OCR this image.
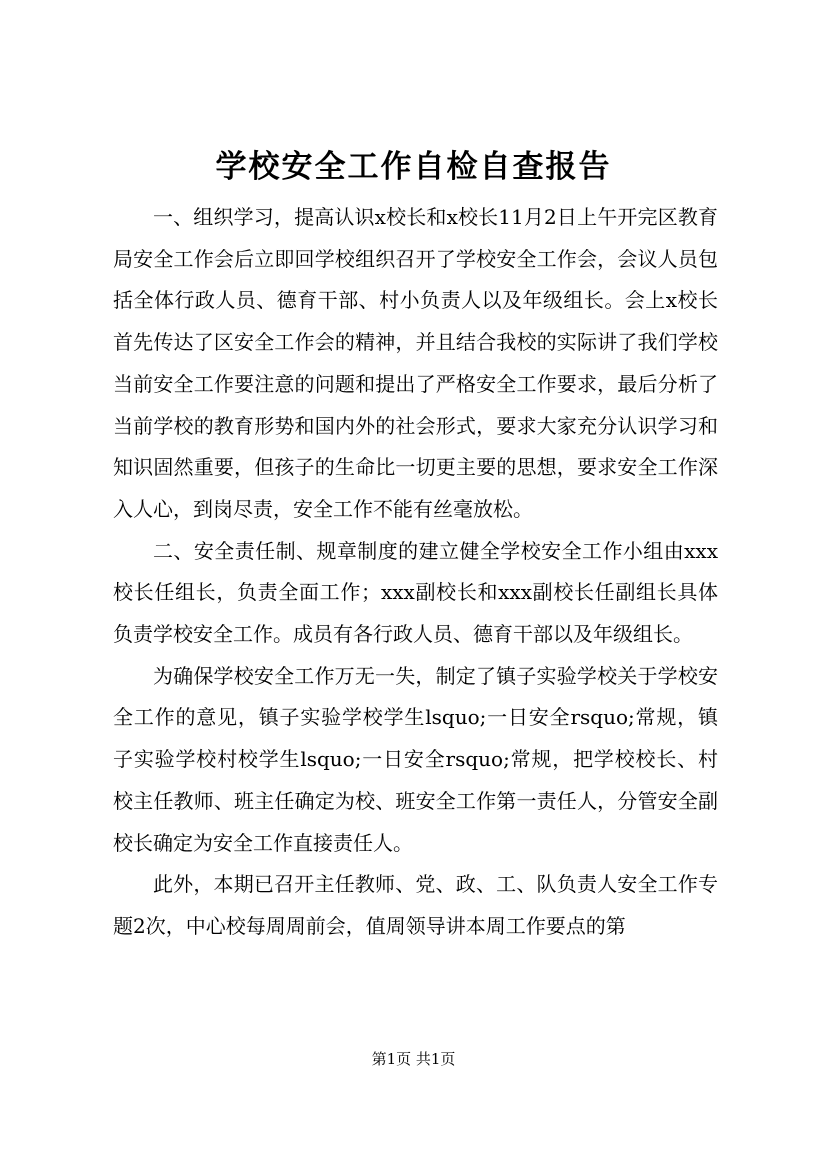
学校安全工作自检自查报告

一、组织学习，提高认识x校长和x校长11月2日上午开完区教育局安全工作会后立即回学校组织召开了学校安全工作会，会议人员包括全体行政人员、德育干部、村小负责人以及年级组长。会上x校长首先传达了区安全工作会的精神，并且结合我校的实际讲了我们学校当前安全工作要注意的问题和提出了严格安全工作要求，最后分析了当前学校的教育形势和国内外的社会形式，要求大家充分认识学习和知识固然重要，但孩子的生命比一切更主要的思想，要求安全工作深入人心，到岗尽责，安全工作不能有丝毫放松。

二、安全责任制、规章制度的建立健全学校安全工作小组由xxx校长任组长，负责全面工作；xxx副校长和xxx副校长任副组长具体负责学校安全工作。成员有各行政人员、德育干部以及年级组长。

为确保学校安全工作万无一失，制定了镇子实验学校关于学校安全工作的意见，镇子实验学校学生lsquo;一日安全rsquo;常规，镇子实验学校村校学生lsquo;一日安全rsquo;常规，把学校校长、村校主任教师、班主任确定为校、班安全工作第一责任人，分管安全副校长确定为安全工作直接责任人。

此外，本期已召开主任教师、党、政、工、队负责人安全工作专题2次，中心校每周周前会，值周领导讲本周工作要点的第

第1页 共1页
